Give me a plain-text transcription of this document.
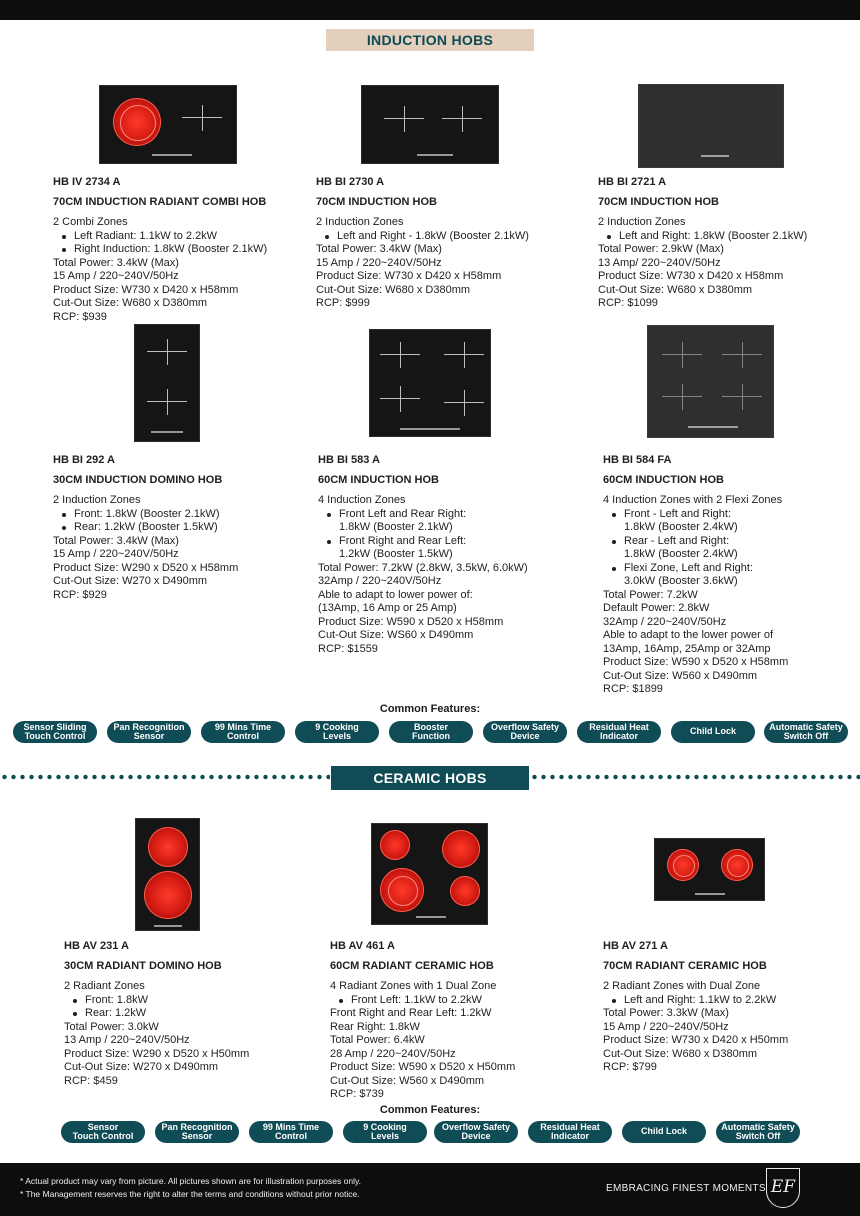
INDUCTION HOBS
HB IV 2734 A
70CM INDUCTION RADIANT COMBI HOB
2 Combi Zones
Left Radiant: 1.1kW to 2.2kW
Right Induction: 1.8kW (Booster 2.1kW)
Total Power: 3.4kW (Max)
15 Amp / 220~240V/50Hz
Product Size: W730 x D420 x H58mm
Cut-Out Size: W680 x D380mm
RCP: $939
HB BI 2730 A
70CM INDUCTION HOB
2 Induction Zones
Left and Right - 1.8kW (Booster 2.1kW)
Total Power: 3.4kW (Max)
15 Amp / 220~240V/50Hz
Product Size: W730 x D420 x H58mm
Cut-Out Size: W680 x D380mm
RCP: $999
HB BI 2721 A
70CM INDUCTION HOB
2 Induction Zones
Left and Right: 1.8kW (Booster 2.1kW)
Total Power: 2.9kW (Max)
13 Amp/ 220~240V/50Hz
Product Size: W730 x D420 x H58mm
Cut-Out Size: W680 x D380mm
RCP: $1099
HB BI 292 A
30CM INDUCTION DOMINO HOB
2 Induction Zones
Front: 1.8kW (Booster 2.1kW)
Rear: 1.2kW (Booster 1.5kW)
Total Power: 3.4kW (Max)
15 Amp / 220~240V/50Hz
Product Size: W290 x D520 x H58mm
Cut-Out Size: W270 x D490mm
RCP: $929
HB BI 583 A
60CM INDUCTION HOB
4 Induction Zones
Front Left and Rear Right:
1.8kW (Booster 2.1kW)
Front Right and Rear Left:
1.2kW (Booster 1.5kW)
Total Power: 7.2kW (2.8kW, 3.5kW, 6.0kW)
32Amp / 220~240V/50Hz
Able to adapt to lower power of:
(13Amp, 16 Amp or 25 Amp)
Product Size: W590 x D520 x H58mm
Cut-Out Size: WS60 x D490mm
RCP: $1559
HB BI 584 FA
60CM INDUCTION HOB
4 Induction Zones with 2 Flexi Zones
Front - Left and Right:
1.8kW (Booster 2.4kW)
Rear - Left and Right:
1.8kW (Booster 2.4kW)
Flexi Zone, Left and Right:
3.0kW (Booster 3.6kW)
Total Power: 7.2kW
Default Power: 2.8kW
32Amp / 220~240V/50Hz
Able to adapt to the lower power of
13Amp, 16Amp, 25Amp or 32Amp
Product Size: W590 x D520 x H58mm
Cut-Out Size: W560 x D490mm
RCP: $1899
Common Features:
Sensor Sliding
Touch Control
Pan Recognition
Sensor
99 Mins Time
Control
9 Cooking
Levels
Booster
Function
Overflow Safety
Device
Residual Heat
Indicator	Child Lock	Automatic Safety
Switch Off
CERAMIC HOBS
HB AV 231 A
30CM RADIANT DOMINO HOB
2 Radiant Zones
Front: 1.8kW
Rear: 1.2kW
Total Power: 3.0kW
13 Amp / 220~240V/50Hz
Product Size: W290 x D520 x H50mm
Cut-Out Size: W270 x D490mm
RCP: $459
HB AV 461 A
60CM RADIANT CERAMIC HOB
4 Radiant Zones with 1 Dual Zone
Front Left: 1.1kW to 2.2kW
Front Right and Rear Left: 1.2kW
Rear Right: 1.8kW
Total Power: 6.4kW
28 Amp / 220~240V/50Hz
Product Size: W590 x D520 x H50mm
Cut-Out Size: W560 x D490mm
RCP: $739
HB AV 271 A
70CM RADIANT CERAMIC HOB
2 Radiant Zones with Dual Zone
Left and Right: 1.1kW to 2.2kW
Total Power: 3.3kW (Max)
15 Amp / 220~240V/50Hz
Product Size: W730 x D420 x H50mm
Cut-Out Size: W680 x D380mm
RCP: $799
Common Features:
Sensor
Touch Control
Pan Recognition
Sensor
99 Mins Time
Control
9 Cooking
Levels
Overflow Safety
Device
Residual Heat
Indicator	Child Lock	Automatic Safety
Switch Off
* Actual product may vary from picture. All pictures shown are for illustration purposes only.
* The Management reserves the right to alter the terms and conditions without prior notice.	EMBRACING FINEST MOMENTS EF
